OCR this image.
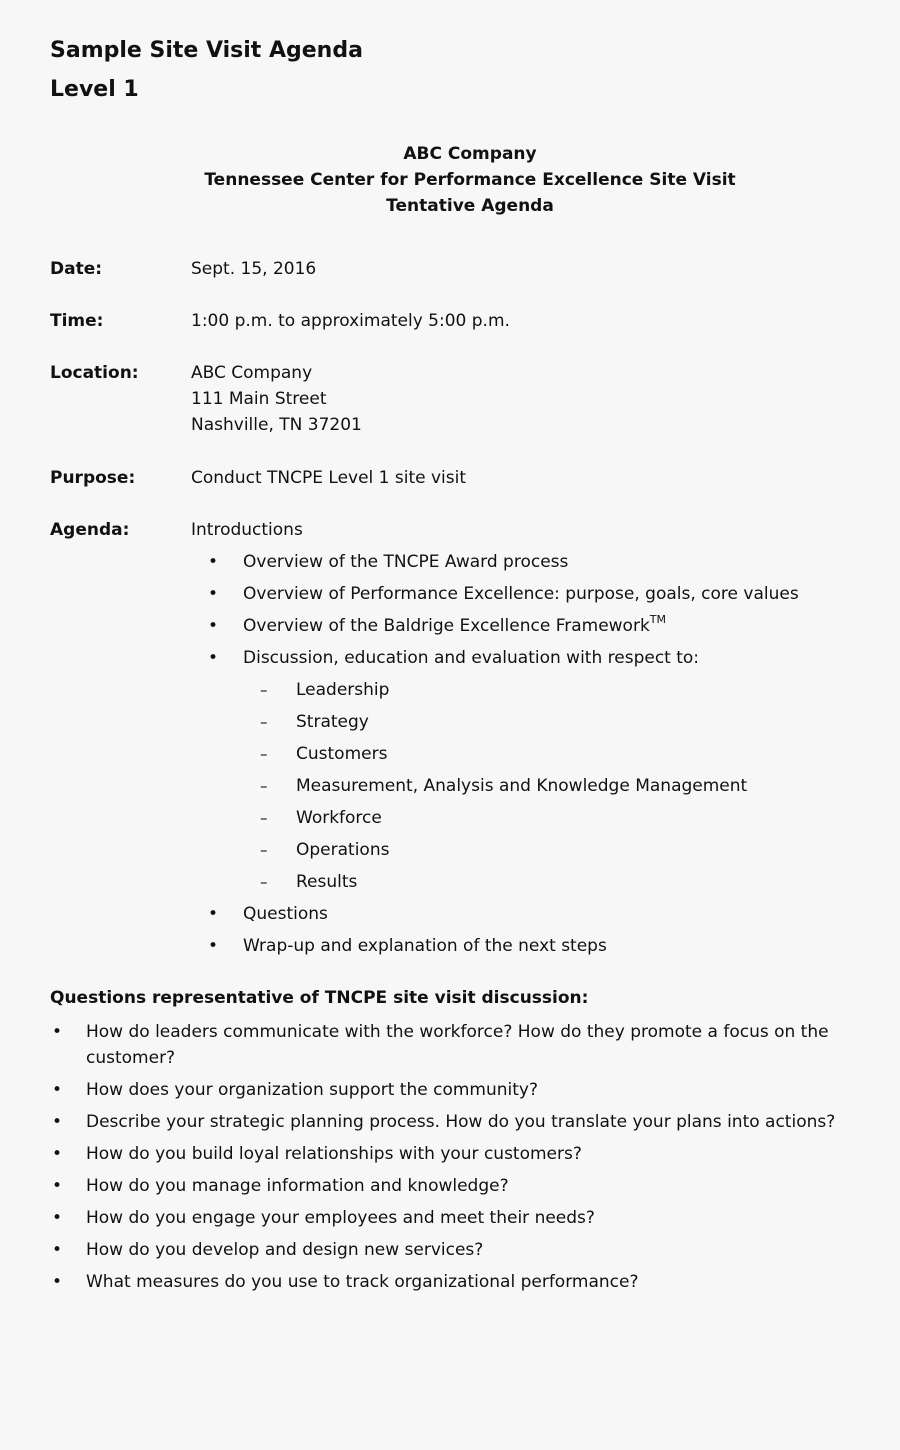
Sample Site Visit Agenda
Level 1
ABC Company
Tennessee Center for Performance Excellence Site Visit
Tentative Agenda
Date:	Sept. 15, 2016
Time:	1:00 p.m. to approximately 5:00 p.m.
Location:	ABC Company
111 Main Street
Nashville, TN 37201
Purpose:	Conduct TNCPE Level 1 site visit
Agenda:	Introductions
•	Overview of the TNCPE Award process
•	Overview of Performance Excellence: purpose, goals, core values
•	Overview of the Baldrige Excellence Framework™
•	Discussion, education and evaluation with respect to:
–	Leadership
–	Strategy
–	Customers
–	Measurement, Analysis and Knowledge Management
–	Workforce
–	Operations
–	Results
•	Questions
•	Wrap-up and explanation of the next steps
Questions representative of TNCPE site visit discussion:
•	How do leaders communicate with the workforce? How do they promote a focus on the customer?
•	How does your organization support the community?
•	Describe your strategic planning process. How do you translate your plans into actions?
•	How do you build loyal relationships with your customers?
•	How do you manage information and knowledge?
•	How do you engage your employees and meet their needs?
•	How do you develop and design new services?
•	What measures do you use to track organizational performance?
